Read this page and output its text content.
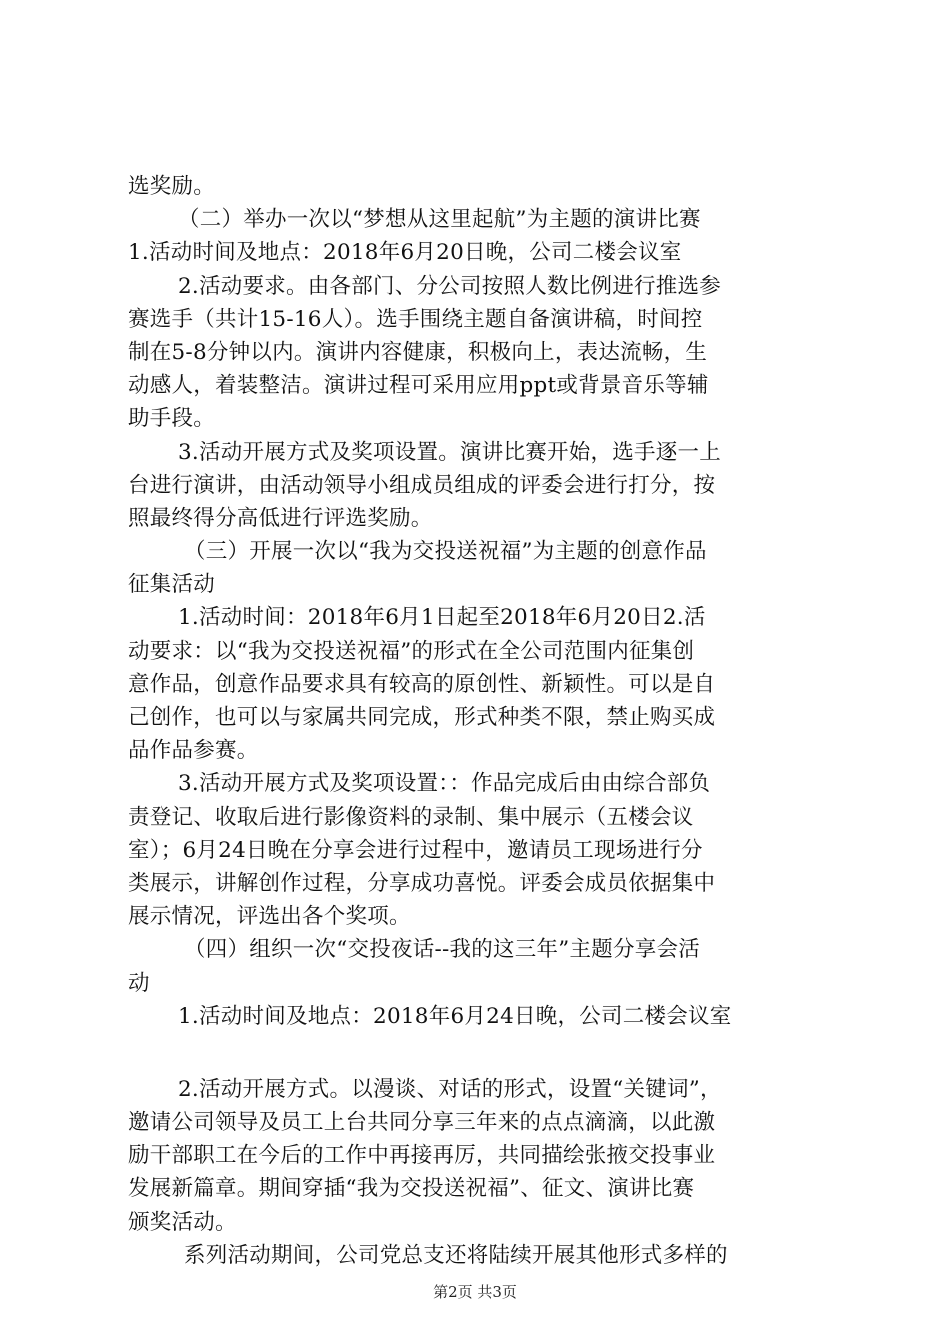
选奖励。
（二）举办一次以“梦想从这里起航”为主题的演讲比赛
1.活动时间及地点：2018年6月20日晚，公司二楼会议室
2.活动要求。由各部门、分公司按照人数比例进行推选参
赛选手（共计15-16人）。选手围绕主题自备演讲稿，时间控
制在5-8分钟以内。演讲内容健康，积极向上，表达流畅，生
动感人，着装整洁。演讲过程可采用应用ppt或背景音乐等辅
助手段。
3.活动开展方式及奖项设置。演讲比赛开始，选手逐一上
台进行演讲，由活动领导小组成员组成的评委会进行打分，按
照最终得分高低进行评选奖励。
（三）开展一次以“我为交投送祝福”为主题的创意作品
征集活动
1.活动时间：2018年6月1日起至2018年6月20日2.活
动要求：以“我为交投送祝福”的形式在全公司范围内征集创
意作品，创意作品要求具有较高的原创性、新颖性。可以是自
己创作，也可以与家属共同完成，形式种类不限，禁止购买成
品作品参赛。
3.活动开展方式及奖项设置：：作品完成后由由综合部负
责登记、收取后进行影像资料的录制、集中展示（五楼会议
室）；6月24日晚在分享会进行过程中，邀请员工现场进行分
类展示，讲解创作过程，分享成功喜悦。评委会成员依据集中
展示情况，评选出各个奖项。
（四）组织一次“交投夜话--我的这三年”主题分享会活
动
1.活动时间及地点：2018年6月24日晚，公司二楼会议室
2.活动开展方式。以漫谈、对话的形式，设置“关键词”，
邀请公司领导及员工上台共同分享三年来的点点滴滴，以此激
励干部职工在今后的工作中再接再厉，共同描绘张掖交投事业
发展新篇章。期间穿插“我为交投送祝福”、征文、演讲比赛
颁奖活动。
系列活动期间，公司党总支还将陆续开展其他形式多样的
第2页 共3页
